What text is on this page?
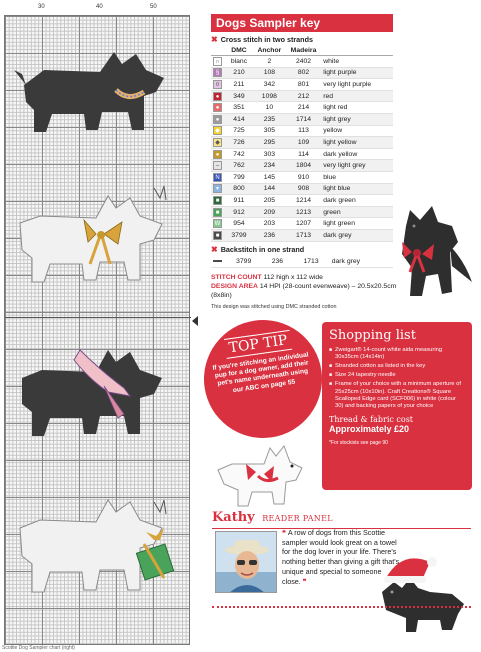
30	40	50
Scottie Dog Sampler chart (right)
Dogs Sampler key
✖ Cross stitch in two strands
	DMC	Anchor	Madeira	
∩	blanc	2	2402	white
§	210	108	802	light purple
¤	211	342	801	very light purple
●	349	1098	212	red
●	351	10	214	light red
●	414	235	1714	light grey
◆	725	305	113	yellow
◆	726	295	109	light yellow
●	742	303	114	dark yellow
–	762	234	1804	very light grey
N	799	145	910	blue
▾	800	144	908	light blue
■	911	205	1214	dark green
■	912	209	1213	green
W	954	203	1207	light green
■	3799	236	1713	dark grey
✖ Backstitch in one strand
	3799	236	1713	dark grey
STITCH COUNT 112 high x 112 wide
DESIGN AREA 14 HPI (28-count evenweave) – 20.5x20.5cm (8x8in)
This design was stitched using DMC stranded cotton
TOP TIP
If you're stitching an individual pup for a dog owner, add their pet's name underneath using our ABC on page 55
Shopping list
■ Zweigart® 14-count white aida measuring 30x35cm (14x14in)
■ Stranded cotton as listed in the key
■ Size 24 tapestry needle
■ Frame of your choice with a minimum aperture of 25x25cm (10x10in). Craft Creations® Square Scalloped Edge card (SCF006) in white (colour 30) and backing papers of your choice
Thread & fabric cost
Approximately £20
*For stockists see page 90
Kathy READER PANEL
❝ A row of dogs from this Scottie sampler would look great on a towel for the dog lover in your life. There's nothing better than giving a gift that's unique and special to someone close. ❞
